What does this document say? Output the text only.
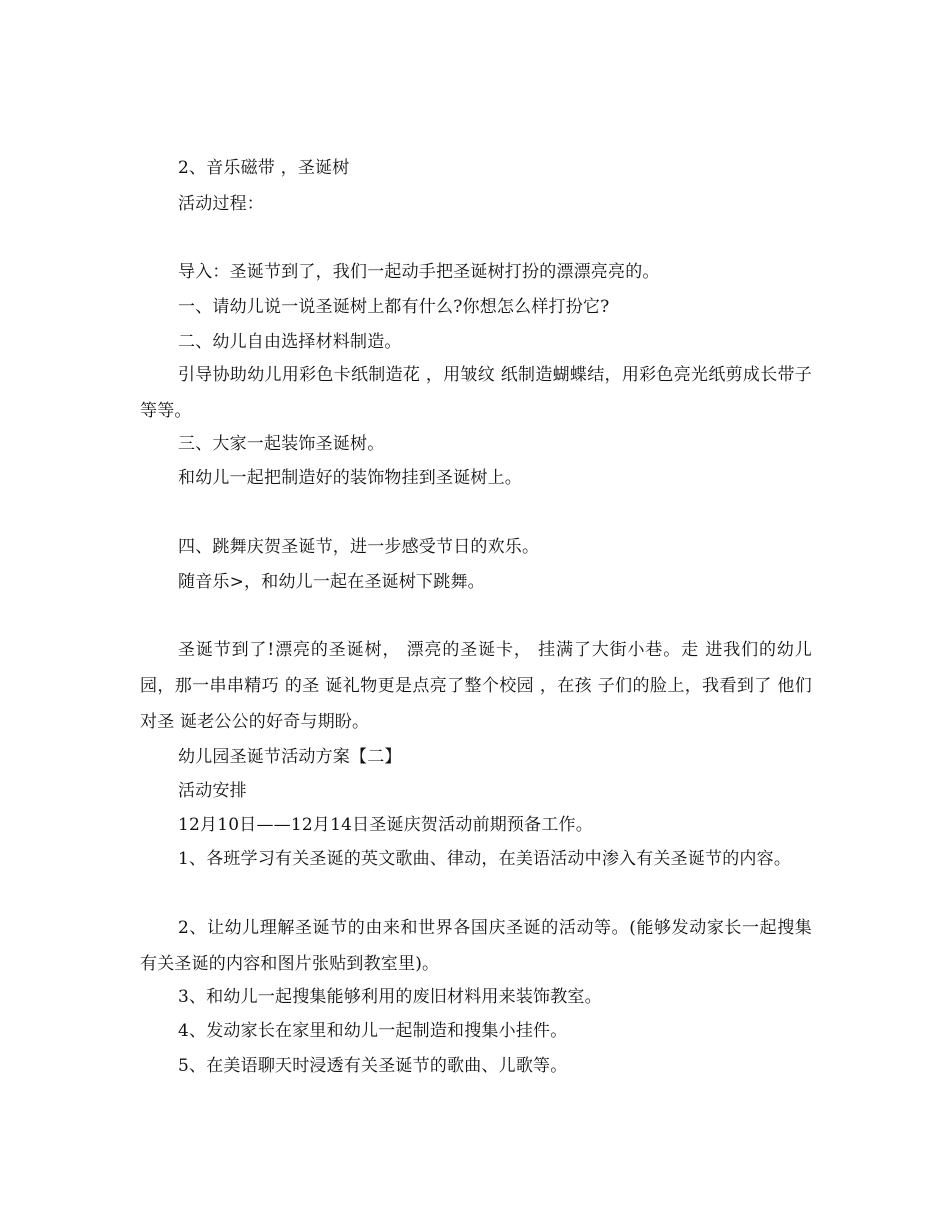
2、音乐磁带 ，圣诞树

活动过程：

导入：圣诞节到了，我们一起动手把圣诞树打扮的漂漂亮亮的。

一、请幼儿说一说圣诞树上都有什么?你想怎么样打扮它?

二、幼儿自由选择材料制造。

引导协助幼儿用彩色卡纸制造花 ，用皱纹 纸制造蝴蝶结，用彩色亮光纸剪成长带子等等。

三、大家一起装饰圣诞树。

和幼儿一起把制造好的装饰物挂到圣诞树上。

四、跳舞庆贺圣诞节，进一步感受节日的欢乐。

随音乐>，和幼儿一起在圣诞树下跳舞。

圣诞节到了!漂亮的圣诞树， 漂亮的圣诞卡， 挂满了大街小巷。走 进我们的幼儿园，那一串串精巧 的圣 诞礼物更是点亮了整个校园 ，在孩 子们的脸上，我看到了 他们对圣 诞老公公的好奇与期盼。

幼儿园圣诞节活动方案【二】

活动安排

12月10日——12月14日圣诞庆贺活动前期预备工作。

1、各班学习有关圣诞的英文歌曲、律动，在美语活动中渗入有关圣诞节的内容。

2、让幼儿理解圣诞节的由来和世界各国庆圣诞的活动等。(能够发动家长一起搜集有关圣诞的内容和图片张贴到教室里)。

3、和幼儿一起搜集能够利用的废旧材料用来装饰教室。

4、发动家长在家里和幼儿一起制造和搜集小挂件。

5、在美语聊天时浸透有关圣诞节的歌曲、儿歌等。
